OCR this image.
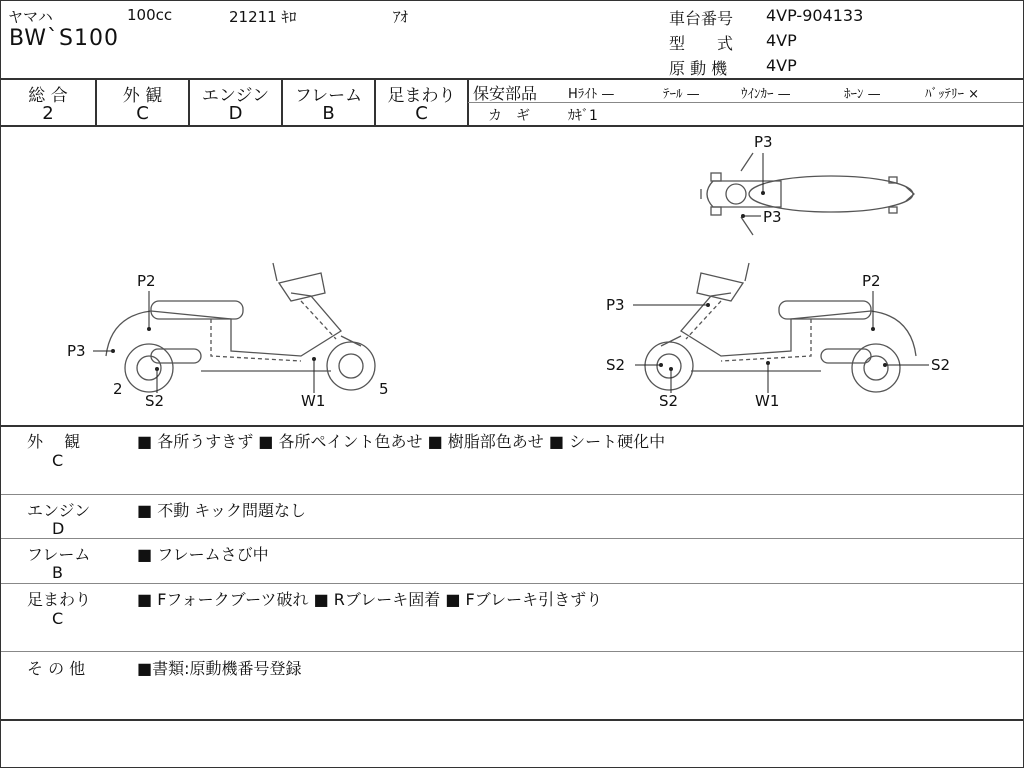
ヤマハ	100cc	21211 ｷﾛ	ｱｵ
BW`S100
車台番号 4VP-904133
型　　式 4VP
原 動 機 4VP
総 合
2
外 観
C
エンジン
D
フレーム
B
足まわり
C
保安部品 Hﾗｲﾄ —	ﾃｰﾙ —	ｳｲﾝｶｰ —	ﾎｰﾝ —	ﾊﾞｯﾃﾘｰ ×
カ　ギ	ｶｷﾞ1
P3
P3
P2
P3
S2	W1
2	5
P3
P2
S2
S2
S2
W1
外　 観
C
■ 各所うすきず ■ 各所ペイント色あせ ■ 樹脂部色あせ ■ シート硬化中
エンジン
D
■ 不動 キック問題なし
フレーム
B
■ フレームさび中
足まわり
C
■ Fフォークブーツ破れ ■ Rブレーキ固着 ■ Fブレーキ引きずり
そ の 他	■書類:原動機番号登録
